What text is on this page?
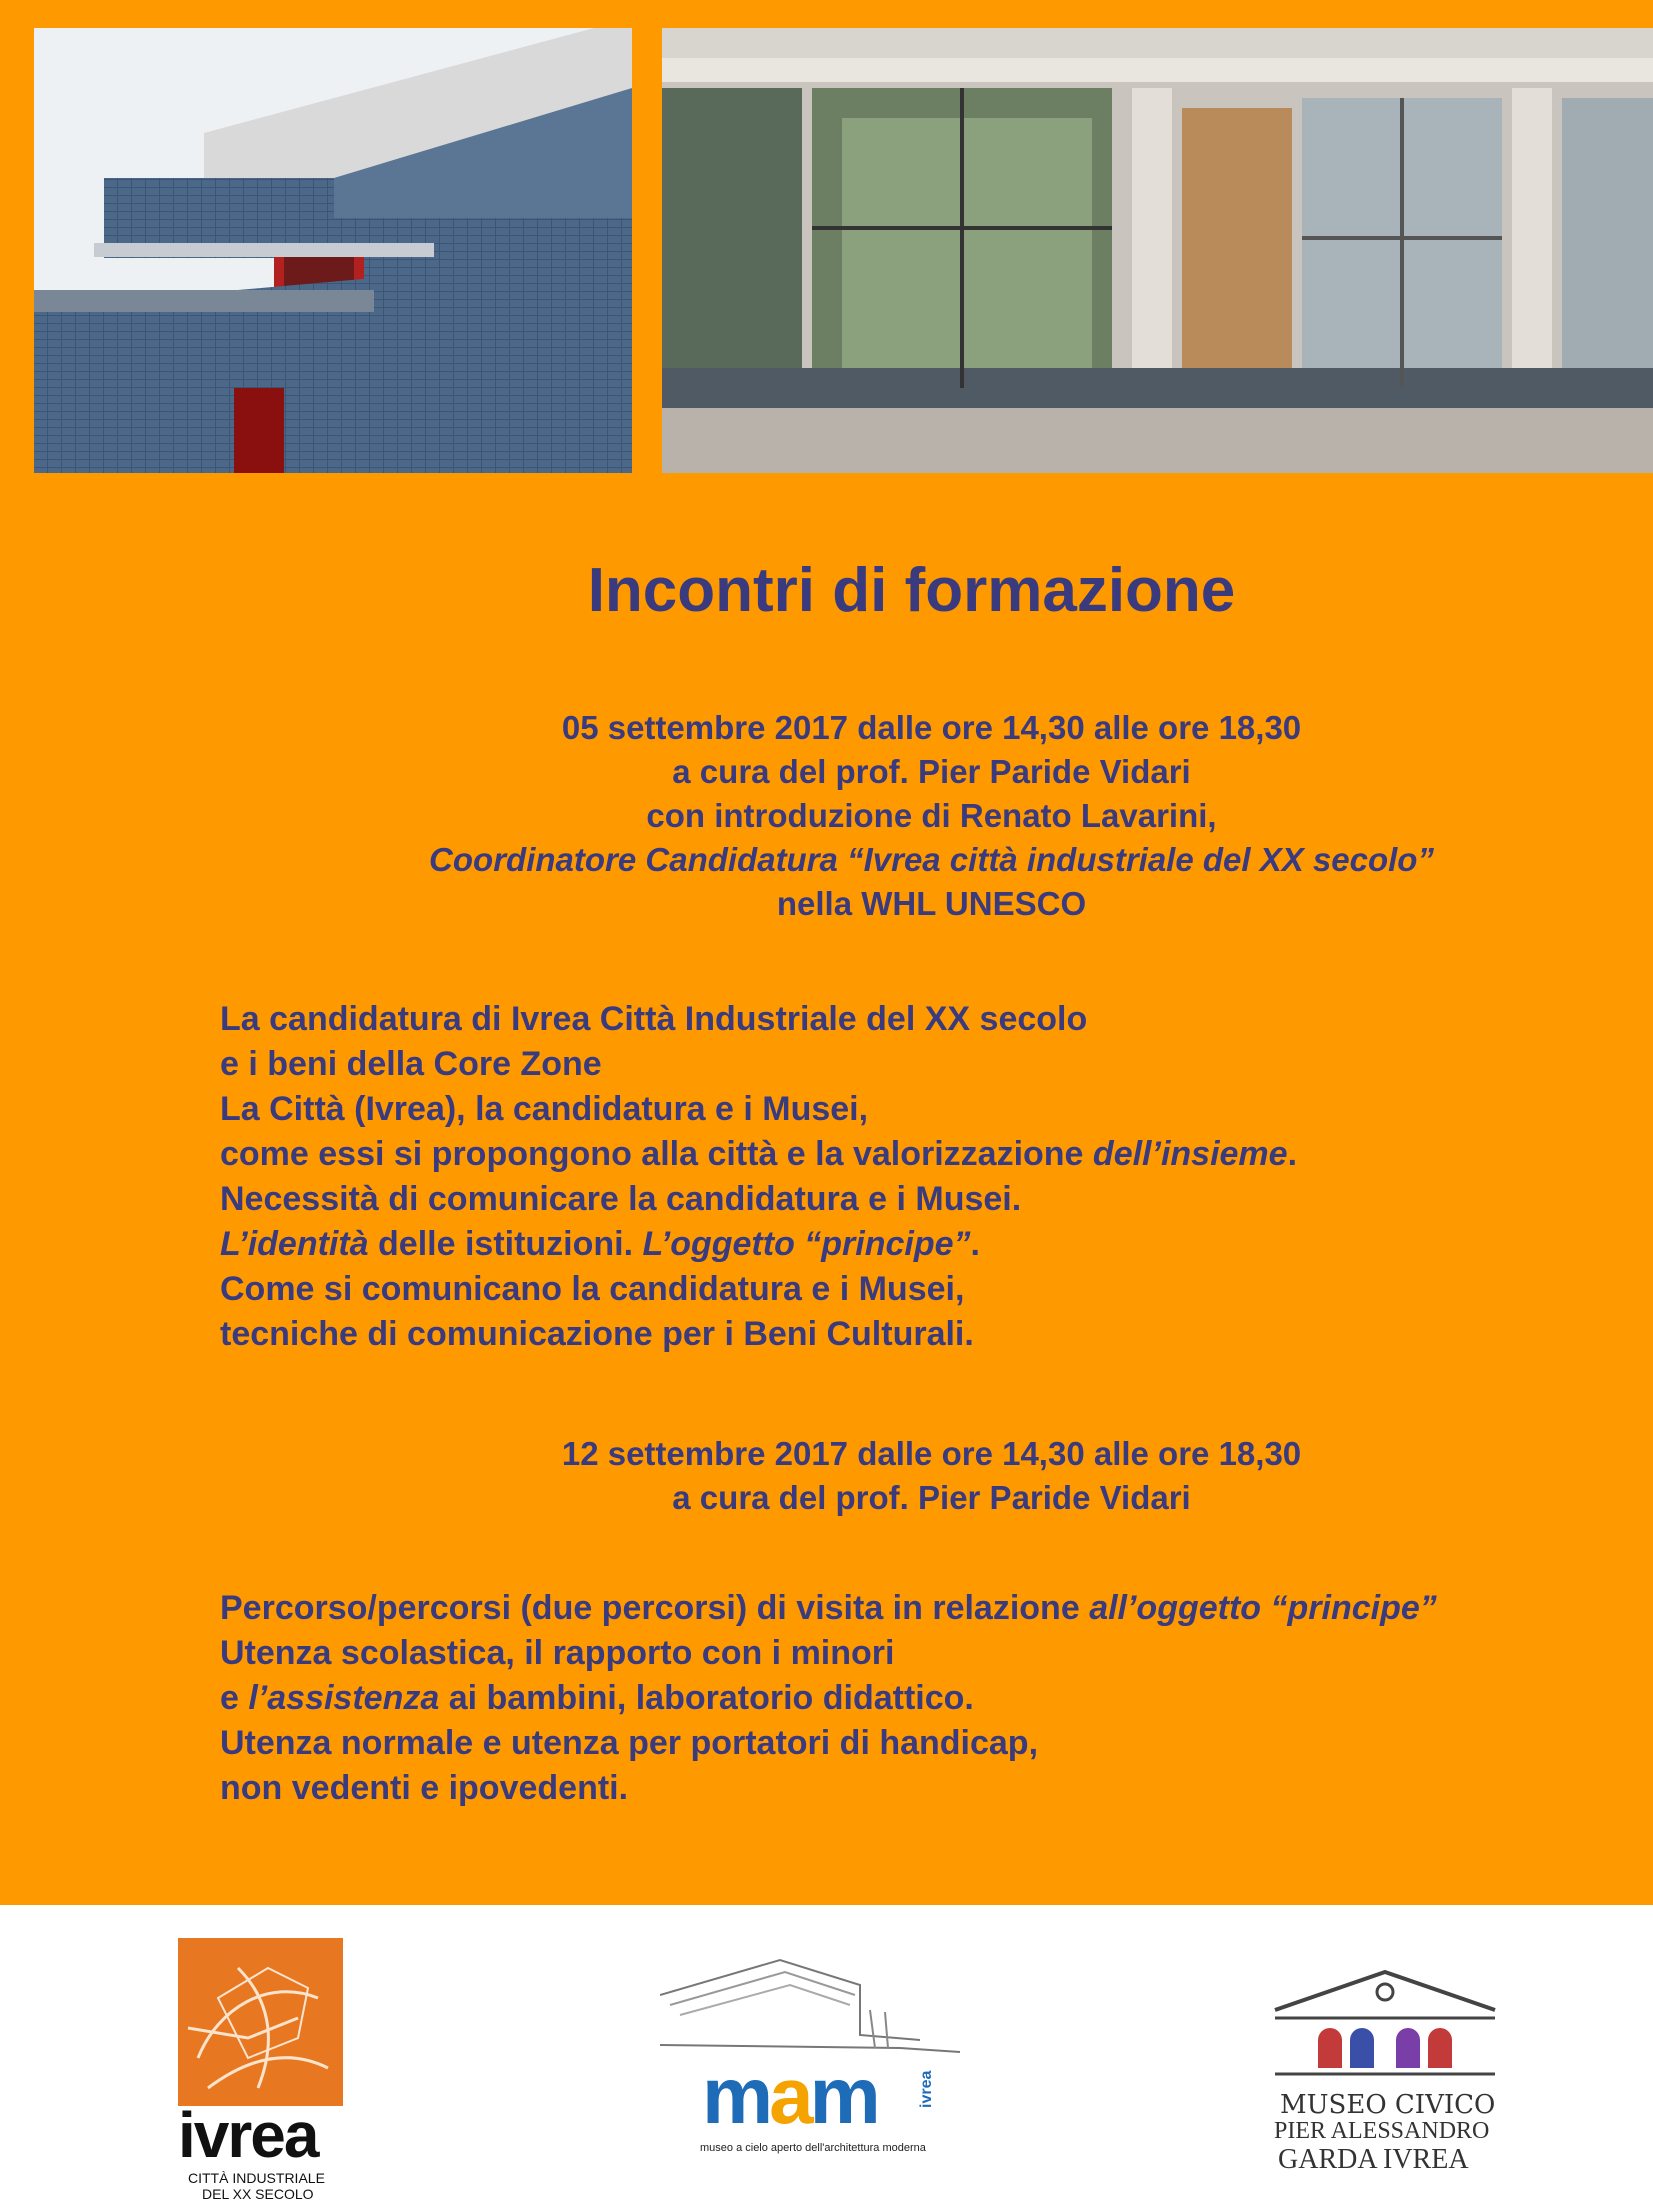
Incontri di formazione
05 settembre 2017 dalle ore 14,30 alle ore 18,30
a cura del prof. Pier Paride Vidari
con introduzione di Renato Lavarini,
Coordinatore Candidatura “Ivrea città industriale del XX secolo”
nella WHL UNESCO
La candidatura di Ivrea Città Industriale del XX secolo
e i beni della Core Zone
La Città (Ivrea), la candidatura e i Musei,
come essi si propongono alla città e la valorizzazione dell’insieme.
Necessità di comunicare la candidatura e i Musei.
L’identità delle istituzioni. L’oggetto “principe”.
Come si comunicano la candidatura e i Musei,
tecniche di comunicazione per i Beni Culturali.
12 settembre 2017 dalle ore 14,30 alle ore 18,30
a cura del prof. Pier Paride Vidari
Percorso/percorsi (due percorsi) di visita in relazione all’oggetto “principe”
Utenza scolastica, il rapporto con i minori
e l’assistenza ai bambini, laboratorio didattico.
Utenza normale e utenza per portatori di handicap,
non vedenti e ipovedenti.
ivrea
CITTÀ INDUSTRIALE
DEL XX SECOLO
mam	ivrea
museo a cielo aperto dell'architettura moderna
MUSEO CIVICO
PIER ALESSANDRO
GARDA IVREA
